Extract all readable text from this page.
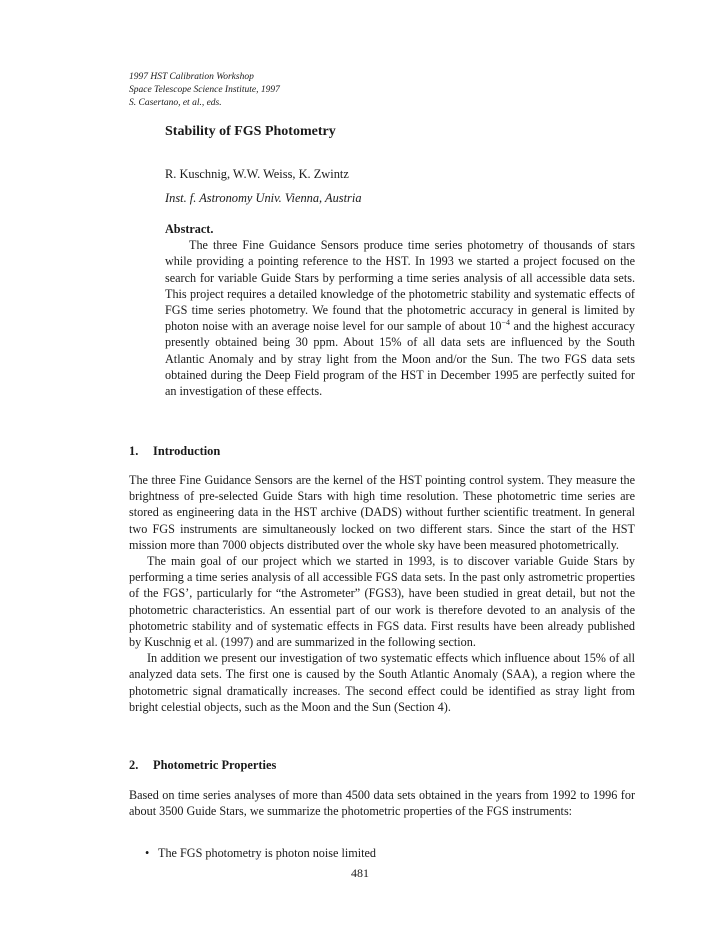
1997 HST Calibration Workshop
Space Telescope Science Institute, 1997
S. Casertano, et al., eds.
Stability of FGS Photometry
R. Kuschnig, W.W. Weiss, K. Zwintz
Inst. f. Astronomy Univ. Vienna, Austria
Abstract.
The three Fine Guidance Sensors produce time series photometry of thousands of stars while providing a pointing reference to the HST. In 1993 we started a project focused on the search for variable Guide Stars by performing a time series analysis of all accessible data sets. This project requires a detailed knowledge of the photometric stability and systematic effects of FGS time series photometry. We found that the photometric accuracy in general is limited by photon noise with an average noise level for our sample of about $10^{-4}$ and the highest accuracy presently obtained being 30 ppm. About 15% of all data sets are influenced by the South Atlantic Anomaly and by stray light from the Moon and/or the Sun. The two FGS data sets obtained during the Deep Field program of the HST in December 1995 are perfectly suited for an investigation of these effects.
1. Introduction

The three Fine Guidance Sensors are the kernel of the HST pointing control system. They measure the brightness of pre-selected Guide Stars with high time resolution. These photometric time series are stored as engineering data in the HST archive (DADS) without further scientific treatment. In general two FGS instruments are simultaneously locked on two different stars. Since the start of the HST mission more than 7000 objects distributed over the whole sky have been measured photometrically.

The main goal of our project which we started in 1993, is to discover variable Guide Stars by performing a time series analysis of all accessible FGS data sets. In the past only astrometric properties of the FGS’, particularly for “the Astrometer” (FGS3), have been studied in great detail, but not the photometric characteristics. An essential part of our work is therefore devoted to an analysis of the photometric stability and of systematic effects in FGS data. First results have been already published by Kuschnig et al. (1997) and are summarized in the following section.

In addition we present our investigation of two systematic effects which influence about 15% of all analyzed data sets. The first one is caused by the South Atlantic Anomaly (SAA), a region where the photometric signal dramatically increases. The second effect could be identified as stray light from bright celestial objects, such as the Moon and the Sun (Section 4).

2. Photometric Properties

Based on time series analyses of more than 4500 data sets obtained in the years from 1992 to 1996 for about 3500 Guide Stars, we summarize the photometric properties of the FGS instruments:

• The FGS photometry is photon noise limited
481
